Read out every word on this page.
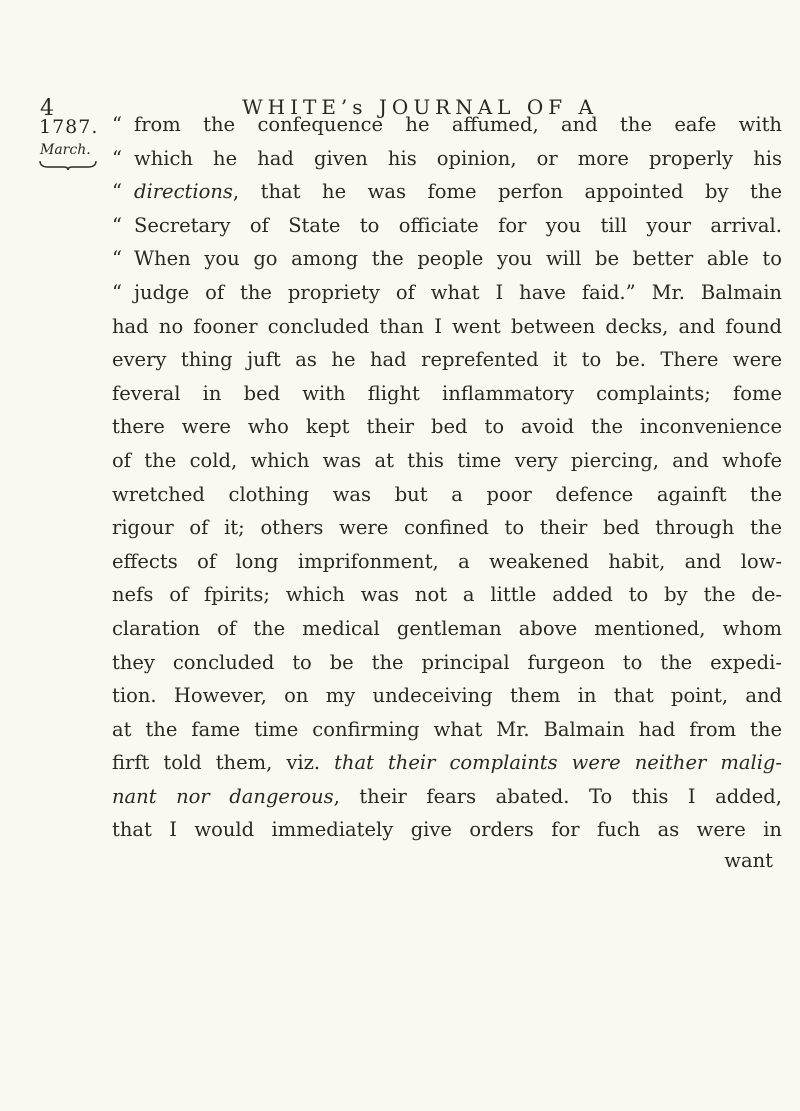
4	WHITE’s JOURNAL OF A
1787.
March.
“ from the confequence he affumed, and the eafe with
“ which he had given his opinion, or more properly his
“ directions, that he was fome perfon appointed by the
“ Secretary of State to officiate for you till your arrival.
“ When you go among the people you will be better able to
“ judge of the propriety of what I have faid.” Mr. Balmain
had no fooner concluded than I went between decks, and found
every thing juft as he had reprefented it to be. There were
feveral in bed with flight inflammatory complaints; fome
there were who kept their bed to avoid the inconvenience
of the cold, which was at this time very piercing, and whofe
wretched clothing was but a poor defence againft the
rigour of it; others were confined to their bed through the
effects of long imprifonment, a weakened habit, and low-
nefs of fpirits; which was not a little added to by the de-
claration of the medical gentleman above mentioned, whom
they concluded to be the principal furgeon to the expedi-
tion. However, on my undeceiving them in that point, and
at the fame time confirming what Mr. Balmain had from the
firft told them, viz. that their complaints were neither malig-
nant nor dangerous, their fears abated. To this I added,
that I would immediately give orders for fuch as were in
want
